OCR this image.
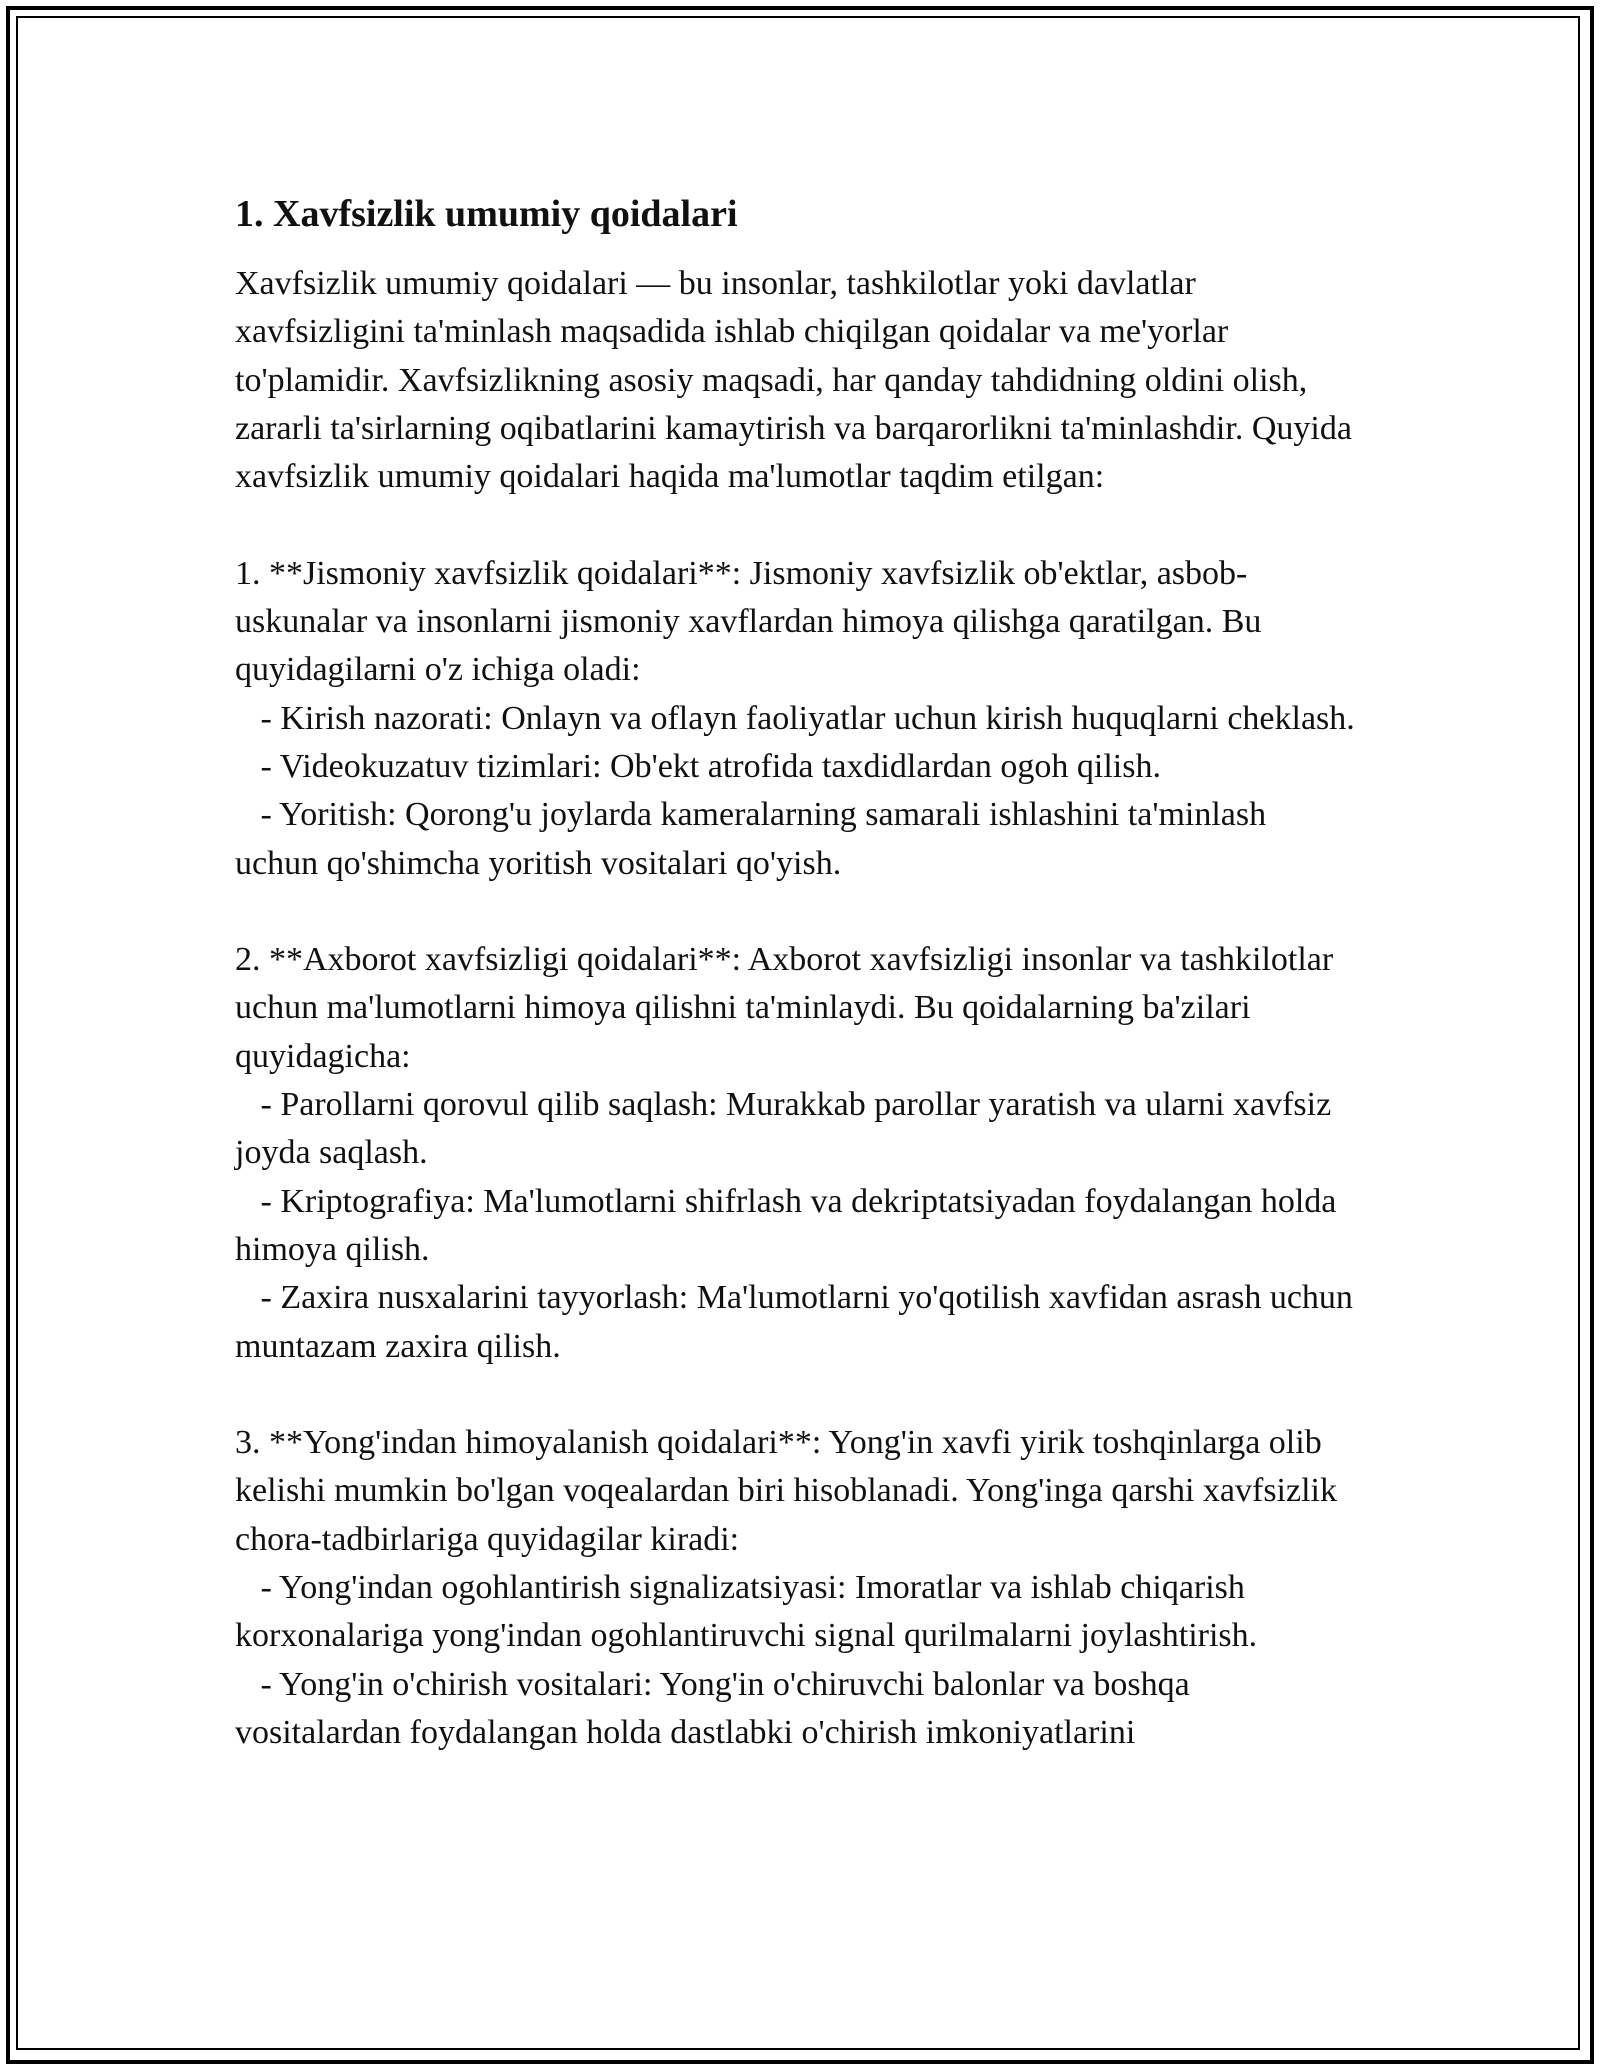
1. Xavfsizlik umumiy qoidalari

Xavfsizlik umumiy qoidalari — bu insonlar, tashkilotlar yoki davlatlar xavfsizligini ta'minlash maqsadida ishlab chiqilgan qoidalar va me'yorlar to'plamidir. Xavfsizlikning asosiy maqsadi, har qanday tahdidning oldini olish, zararli ta'sirlarning oqibatlarini kamaytirish va barqarorlikni ta'minlashdir. Quyida xavfsizlik umumiy qoidalari haqida ma'lumotlar taqdim etilgan:

1. **Jismoniy xavfsizlik qoidalari**: Jismoniy xavfsizlik ob'ektlar, asbob-uskunalar va insonlarni jismoniy xavflardan himoya qilishga qaratilgan. Bu quyidagilarni o'z ichiga oladi:

- Kirish nazorati: Onlayn va oflayn faoliyatlar uchun kirish huquqlarni cheklash.

- Videokuzatuv tizimlari: Ob'ekt atrofida taxdidlardan ogoh qilish.

- Yoritish: Qorong'u joylarda kameralarning samarali ishlashini ta'minlash uchun qo'shimcha yoritish vositalari qo'yish.

2. **Axborot xavfsizligi qoidalari**: Axborot xavfsizligi insonlar va tashkilotlar uchun ma'lumotlarni himoya qilishni ta'minlaydi. Bu qoidalarning ba'zilari quyidagicha:

- Parollarni qorovul qilib saqlash: Murakkab parollar yaratish va ularni xavfsiz joyda saqlash.

- Kriptografiya: Ma'lumotlarni shifrlash va dekriptatsiyadan foydalangan holda himoya qilish.

- Zaxira nusxalarini tayyorlash: Ma'lumotlarni yo'qotilish xavfidan asrash uchun muntazam zaxira qilish.

3. **Yong'indan himoyalanish qoidalari**: Yong'in xavfi yirik toshqinlarga olib kelishi mumkin bo'lgan voqealardan biri hisoblanadi. Yong'inga qarshi xavfsizlik chora-tadbirlariga quyidagilar kiradi:

- Yong'indan ogohlantirish signalizatsiyasi: Imoratlar va ishlab chiqarish korxonalariga yong'indan ogohlantiruvchi signal qurilmalarni joylashtirish.

- Yong'in o'chirish vositalari: Yong'in o'chiruvchi balonlar va boshqa vositalardan foydalangan holda dastlabki o'chirish imkoniyatlarini
